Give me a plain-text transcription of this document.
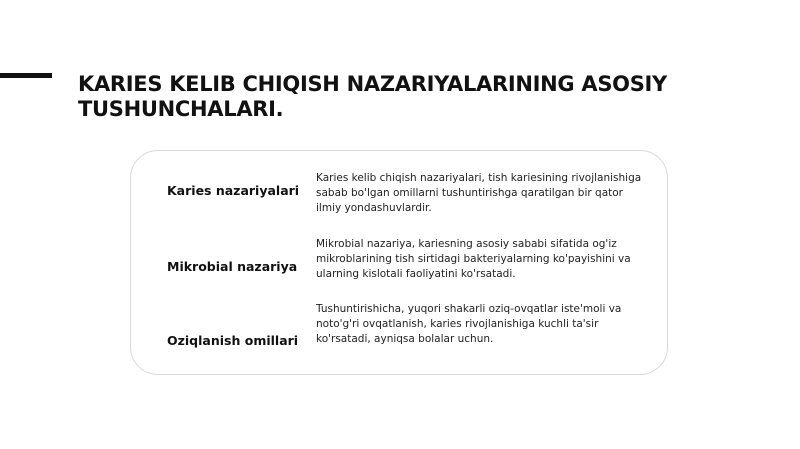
KARIES KELIB CHIQISH NAZARIYALARINING ASOSIY TUSHUNCHALARI.

Karies nazariyalari

Karies kelib chiqish nazariyalari, tish kariesining rivojlanishiga sabab bo'lgan omillarni tushuntirishga qaratilgan bir qator ilmiy yondashuvlardir.

Mikrobial nazariya

Mikrobial nazariya, kariesning asosiy sababi sifatida og'iz mikroblarining tish sirtidagi bakteriyalarning ko'payishini va ularning kislotali faoliyatini ko'rsatadi.

Oziqlanish omillari

Tushuntirishicha, yuqori shakarli oziq-ovqatlar iste'moli va noto'g'ri ovqatlanish, karies rivojlanishiga kuchli ta'sir ko'rsatadi, ayniqsa bolalar uchun.
